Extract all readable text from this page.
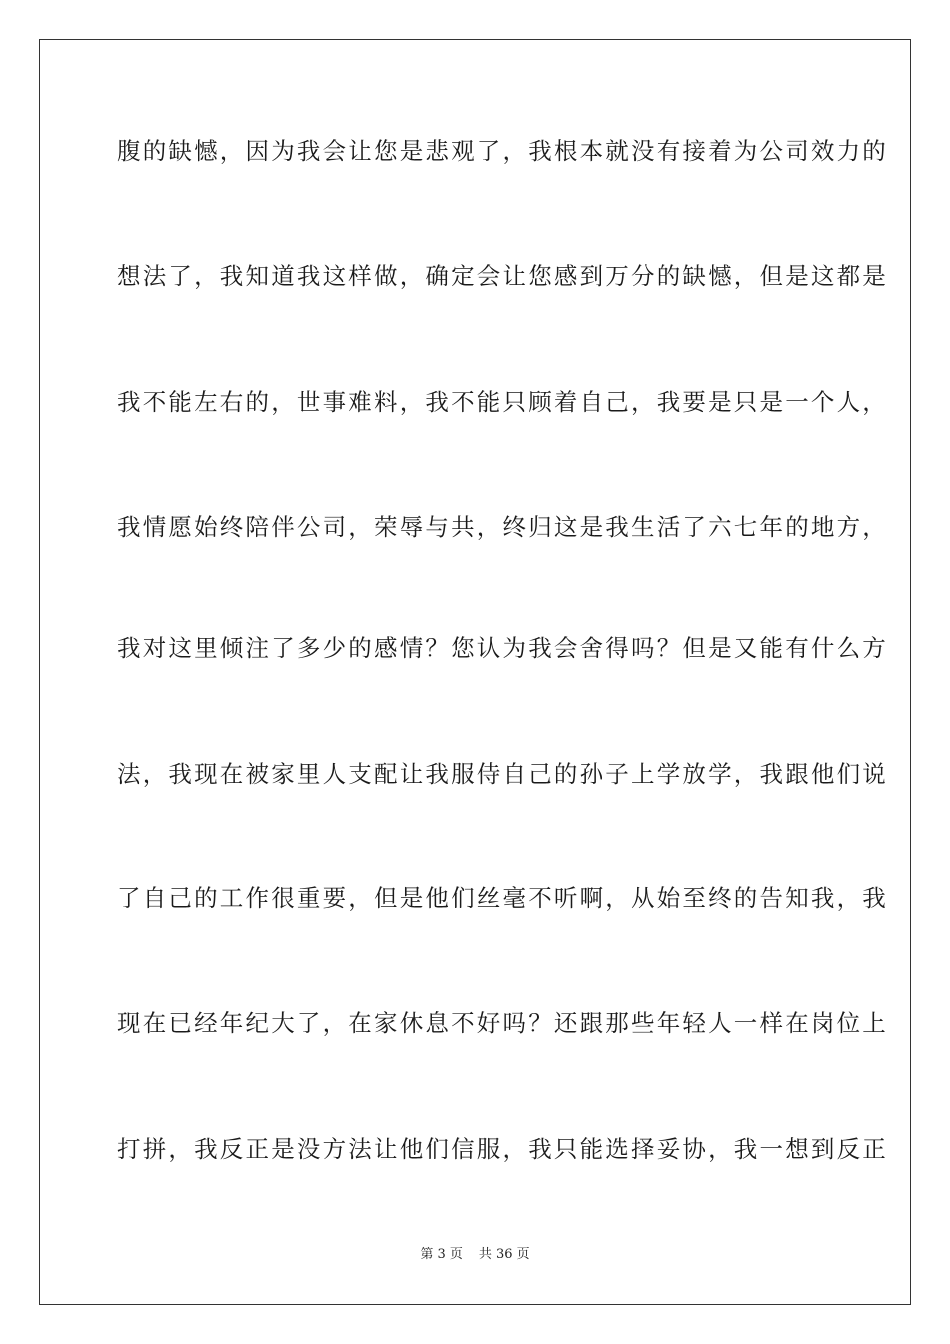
腹的缺憾，因为我会让您是悲观了，我根本就没有接着为公司效力的

想法了，我知道我这样做，确定会让您感到万分的缺憾，但是这都是

我不能左右的，世事难料，我不能只顾着自己，我要是只是一个人，

我情愿始终陪伴公司，荣辱与共，终归这是我生活了六七年的地方，

我对这里倾注了多少的感情？您认为我会舍得吗？但是又能有什么方

法，我现在被家里人支配让我服侍自己的孙子上学放学，我跟他们说

了自己的工作很重要，但是他们丝毫不听啊，从始至终的告知我，我

现在已经年纪大了，在家休息不好吗？还跟那些年轻人一样在岗位上

打拼，我反正是没方法让他们信服，我只能选择妥协，我一想到反正

第 3 页 共 36 页
